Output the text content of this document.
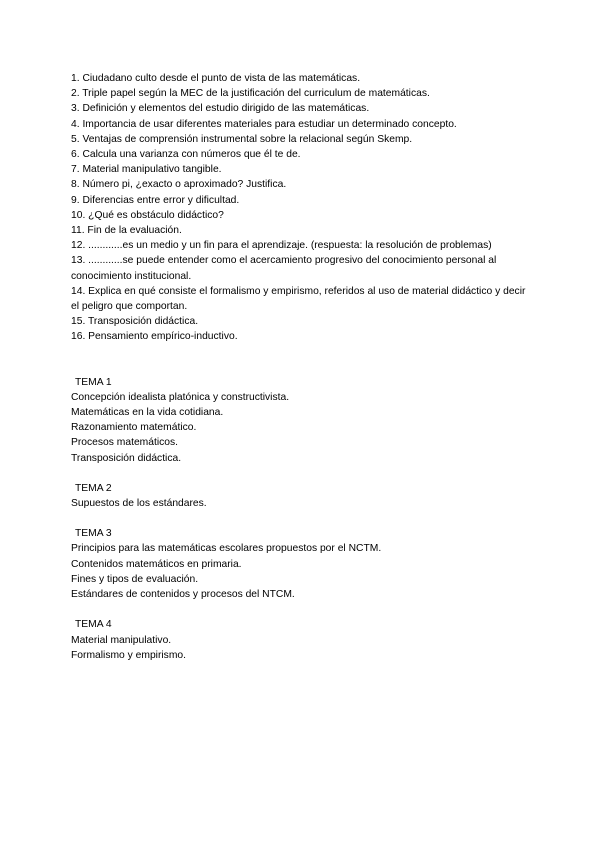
1. Ciudadano culto desde el punto de vista de las matemáticas.
2. Triple papel según la MEC de la justificación del curriculum de matemáticas.
3. Definición y elementos del estudio dirigido de las matemáticas.
4. Importancia de usar diferentes materiales para estudiar un determinado concepto.
5. Ventajas de comprensión instrumental sobre la relacional según Skemp.
6. Calcula una varianza con números que él te de.
7. Material manipulativo tangible.
8. Número pi, ¿exacto o aproximado? Justifica.
9. Diferencias entre error y dificultad.
10. ¿Qué es obstáculo didáctico?
11. Fin de la evaluación.
12. ............es un medio y un fin para el aprendizaje. (respuesta: la resolución de problemas)
13. ............se puede entender como el acercamiento progresivo del conocimiento personal al conocimiento institucional.
14. Explica en qué consiste el formalismo y empirismo, referidos al uso de material didáctico y decir el peligro que comportan.
15. Transposición didáctica.
16. Pensamiento empírico-inductivo.
TEMA 1
Concepción idealista platónica y constructivista.
Matemáticas en la vida cotidiana.
Razonamiento matemático.
Procesos matemáticos.
Transposición didáctica.
TEMA 2
Supuestos de los estándares.
TEMA 3
Principios para las matemáticas escolares propuestos por el NCTM.
Contenidos matemáticos en primaria.
Fines y tipos de evaluación.
Estándares de contenidos y procesos del NTCM.
TEMA 4
Material manipulativo.
Formalismo y empirismo.
